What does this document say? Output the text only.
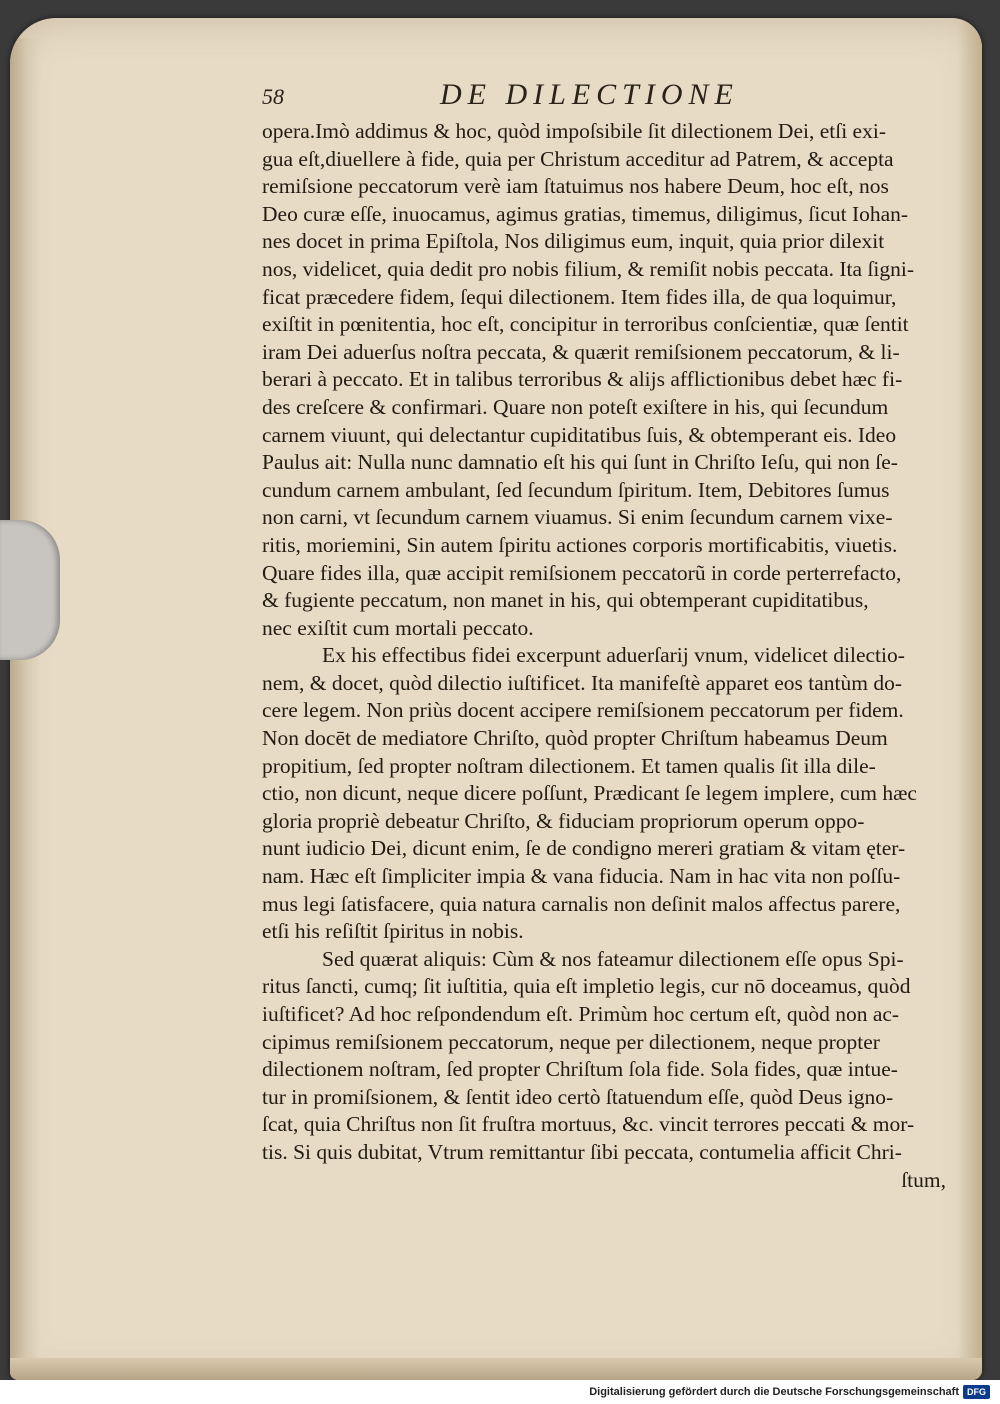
58	DE DILECTIONE
opera.Imò addimus & hoc, quòd impoſsibile ſit dilectionem Dei, etſi exi-
gua eſt,diuellere à fide, quia per Christum acceditur ad Patrem, & accepta
remiſsione peccatorum verè iam ſtatuimus nos habere Deum, hoc eſt, nos
Deo curæ eſſe, inuocamus, agimus gratias, timemus, diligimus, ſicut Iohan-
nes docet in prima Epiſtola, Nos diligimus eum, inquit, quia prior dilexit
nos, videlicet, quia dedit pro nobis filium, & remiſit nobis peccata. Ita ſigni-
ficat præcedere fidem, ſequi dilectionem. Item fides illa, de qua loquimur,
exiſtit in pœnitentia, hoc eſt, concipitur in terroribus conſcientiæ, quæ ſentit
iram Dei aduerſus noſtra peccata, & quærit remiſsionem peccatorum, & li-
berari à peccato. Et in talibus terroribus & alijs afflictionibus debet hæc fi-
des creſcere & confirmari. Quare non poteſt exiſtere in his, qui ſecundum
carnem viuunt, qui delectantur cupiditatibus ſuis, & obtemperant eis. Ideo
Paulus ait: Nulla nunc damnatio eſt his qui ſunt in Chriſto Ieſu, qui non ſe-
cundum carnem ambulant, ſed ſecundum ſpiritum. Item, Debitores ſumus
non carni, vt ſecundum carnem viuamus. Si enim ſecundum carnem vixe-
ritis, moriemini, Sin autem ſpiritu actiones corporis mortificabitis, viuetis.
Quare fides illa, quæ accipit remiſsionem peccatorũ in corde perterrefacto,
& fugiente peccatum, non manet in his, qui obtemperant cupiditatibus,
nec exiſtit cum mortali peccato.
Ex his effectibus fidei excerpunt aduerſarij vnum, videlicet dilectio-
nem, & docet, quòd dilectio iuſtificet. Ita manifeſtè apparet eos tantùm do-
cere legem. Non priùs docent accipere remiſsionem peccatorum per fidem.
Non docēt de mediatore Chriſto, quòd propter Chriſtum habeamus Deum
propitium, ſed propter noſtram dilectionem. Et tamen qualis ſit illa dile-
ctio, non dicunt, neque dicere poſſunt, Prædicant ſe legem implere, cum hæc
gloria propriè debeatur Chriſto, & fiduciam propriorum operum oppo-
nunt iudicio Dei, dicunt enim, ſe de condigno mereri gratiam & vitam ęter-
nam. Hæc eſt ſimpliciter impia & vana fiducia. Nam in hac vita non poſſu-
mus legi ſatisfacere, quia natura carnalis non deſinit malos affectus parere,
etſi his reſiſtit ſpiritus in nobis.
Sed quærat aliquis: Cùm & nos fateamur dilectionem eſſe opus Spi-
ritus ſancti, cumq; ſit iuſtitia, quia eſt impletio legis, cur nō doceamus, quòd
iuſtificet? Ad hoc reſpondendum eſt. Primùm hoc certum eſt, quòd non ac-
cipimus remiſsionem peccatorum, neque per dilectionem, neque propter
dilectionem noſtram, ſed propter Chriſtum ſola fide. Sola fides, quæ intue-
tur in promiſsionem, & ſentit ideo certò ſtatuendum eſſe, quòd Deus igno-
ſcat, quia Chriſtus non ſit fruſtra mortuus, &c. vincit terrores peccati & mor-
tis. Si quis dubitat, Vtrum remittantur ſibi peccata, contumelia afficit Chri-
ſtum,
Digitalisierung gefördert durch die Deutsche Forschungsgemeinschaft DFG
